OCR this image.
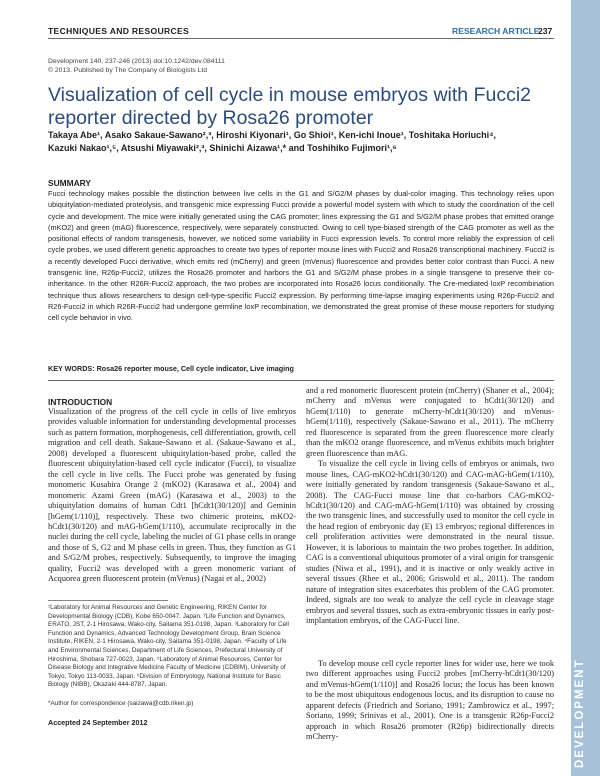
DEVELOPMENT
TECHNIQUES AND RESOURCES	RESEARCH ARTICLE
237
Development 140, 237-246 (2013) doi:10.1242/dev.084111
© 2013. Published by The Company of Biologists Ltd
Visualization of cell cycle in mouse embryos with Fucci2
reporter directed by Rosa26 promoter
Takaya Abe¹, Asako Sakaue-Sawano²,³, Hiroshi Kiyonari¹, Go Shioi¹, Ken-ichi Inoue¹, Toshitaka Horiuchi⁴,
Kazuki Nakao¹,⁵, Atsushi Miyawaki²,³, Shinichi Aizawa¹,* and Toshihiko Fujimori¹,⁶
SUMMARY
Fucci technology makes possible the distinction between live cells in the G1 and S/G2/M phases by dual-color imaging. This technology relies upon ubiquitylation-mediated proteolysis, and transgenic mice expressing Fucci provide a powerful model system with which to study the coordination of the cell cycle and development. The mice were initially generated using the CAG promoter; lines expressing the G1 and S/G2/M phase probes that emitted orange (mKO2) and green (mAG) fluorescence, respectively, were separately constructed. Owing to cell type-biased strength of the CAG promoter as well as the positional effects of random transgenesis, however, we noticed some variability in Fucci expression levels. To control more reliably the expression of cell cycle probes, we used different genetic approaches to create two types of reporter mouse lines with Fucci2 and Rosa26 transcriptional machinery. Fucci2 is a recently developed Fucci derivative, which emits red (mCherry) and green (mVenus) fluorescence and provides better color contrast than Fucci. A new transgenic line, R26p-Fucci2, utilizes the Rosa26 promoter and harbors the G1 and S/G2/M phase probes in a single transgene to preserve their co-inheritance. In the other R26R-Fucci2 approach, the two probes are incorporated into Rosa26 locus conditionally. The Cre-mediated loxP recombination technique thus allows researchers to design cell-type-specific Fucci2 expression. By performing time-lapse imaging experiments using R26p-Fucci2 and R26-Fucci2 in which R26R-Fucci2 had undergone germline loxP recombination, we demonstrated the great promise of these mouse reporters for studying cell cycle behavior in vivo.
KEY WORDS: Rosa26 reporter mouse, Cell cycle indicator, Live imaging
INTRODUCTION
Visualization of the progress of the cell cycle in cells of live embryos provides valuable information for understanding developmental processes such as pattern formation, morphogenesis, cell differentiation, growth, cell migration and cell death. Sakaue-Sawano et al. (Sakaue-Sawano et al., 2008) developed a fluorescent ubiquitylation-based probe, called the fluorescent ubiquitylation-based cell cycle indicator (Fucci), to visualize the cell cycle in live cells. The Fucci probe was generated by fusing monomeric Kusabira Orange 2 (mKO2) (Karasawa et al., 2004) and monomeric Azami Green (mAG) (Karasawa et al., 2003) to the ubiquitylation domains of human Cdt1 [hCdt1(30/120)] and Geminin [hGem(1/110)], respectively. These two chimeric proteins, mKO2-hCdt1(30/120) and mAG-hGem(1/110), accumulate reciprocally in the nuclei during the cell cycle, labeling the nuclei of G1 phase cells in orange and those of S, G2 and M phase cells in green. Thus, they function as G1 and S/G2/M probes, respectively. Subsequently, to improve the imaging quality, Fucci2 was developed with a green monomeric variant of Acquorea green fluorescent protein (mVenus) (Nagai et al., 2002)
and a red monomeric fluorescent protein (mCherry) (Shaner et al., 2004); mCherry and mVenus were conjugated to hCdt1(30/120) and hGem(1/110) to generate mCherry-hCdt1(30/120) and mVenus-hGem(1/110), respectively (Sakaue-Sawano et al., 2011). The mCherry red fluorescence is separated from the green fluorescence more clearly than the mKO2 orange fluorescence, and mVenus exhibits much brighter green fluorescence than mAG.
To visualize the cell cycle in living cells of embryos or animals, two mouse lines, CAG-mKO2-hCdt1(30/120) and CAG-mAG-hGem(1/110), were initially generated by random transgenesis (Sakaue-Sawano et al., 2008). The CAG-Fucci mouse line that co-harbors CAG-mKO2-hCdt1(30/120) and CAG-mAG-hGem(1/110) was obtained by crossing the two transgenic lines, and successfully used to monitor the cell cycle in the head region of embryonic day (E) 13 embryos; regional differences in cell proliferation activities were demonstrated in the neural tissue. However, it is laborious to maintain the two probes together. In addition, CAG is a conventional ubiquitous promoter of a viral origin for transgenic studies (Niwa et al., 1991), and it is inactive or only weakly active in several tissues (Rhee et al., 2006; Griswold et al., 2011). The random nature of integration sites exacerbates this problem of the CAG promoter. Indeed, signals are too weak to analyze the cell cycle in cleavage stage embryos and several tissues, such as extra-embryonic tissues in early post-implantation embryos, of the CAG-Fucci line.
To develop mouse cell cycle reporter lines for wider use, here we took two different approaches using Fucci2 probes [mCherry-hCdt1(30/120) and mVenus-hGem(1/110)] and Rosa26 locus; the locus has been known to be the most ubiquitous endogenous locus, and its disruption to cause no apparent defects (Friedrich and Soriano, 1991; Zambrowicz et al., 1997; Soriano, 1999; Srinivas et al., 2001). One is a transgenic R26p-Fucci2 approach in which Rosa26 promoter (R26p) bidirectionally directs mCherry-
¹Laboratory for Animal Resources and Genetic Engineering, RIKEN Center for Developmental Biology (CDB), Kobe 650-0047, Japan. ²Life Function and Dynamics, ERATO, JST, 2-1 Hirosawa, Wako-city, Saitama 351-0198, Japan. ³Laboratory for Cell Function and Dynamics, Advanced Technology Development Group, Brain Science Institute, RIKEN, 2-1 Hirosawa, Wako-city, Saitama 351-0198, Japan. ⁴Faculty of Life and Environmental Sciences, Department of Life Sciences, Prefectural University of Hiroshima, Shobara 727-0023, Japan. ⁵Laboratory of Animal Resources, Center for Disease Biology and Integrative Medicine Faculty of Medicine (CDBIM), University of Tokyo, Tokyo 113-0033, Japan. ⁶Division of Embryology, National Institute for Basic Biology (NIBB), Okazaki 444-8787, Japan.
*Author for correspondence (saizawa@cdb.riken.jp)
Accepted 24 September 2012
